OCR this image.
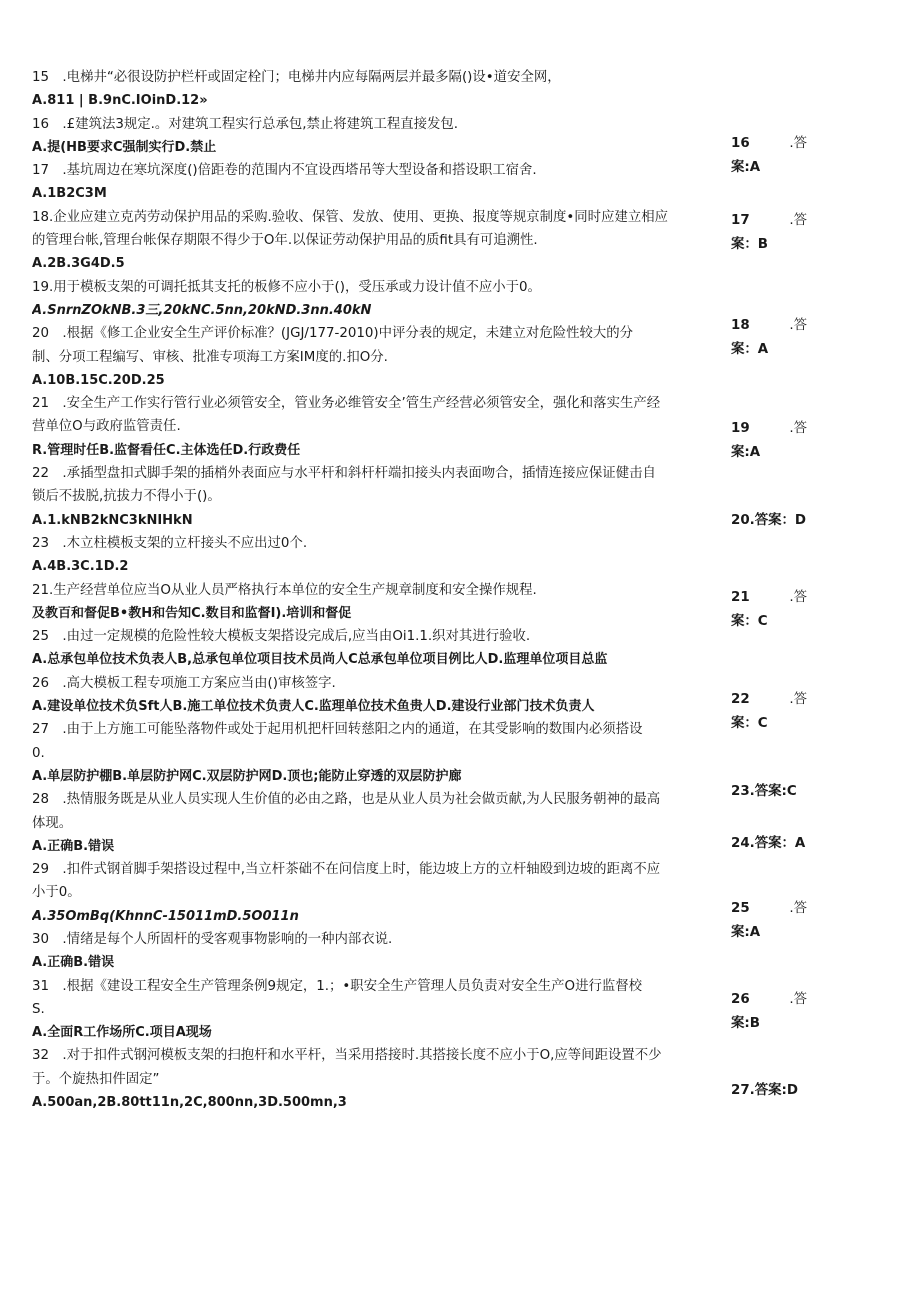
15　.电梯井“必很设防护栏杆或固定栓门；电梯井内应每隔两层并最多隔()设•道安全网，
A.811 | B.9nC.IOinD.12»
16　.£建筑法3规定.。对建筑工程实行总承包,禁止将建筑工程直接发包.
A.提(HB要求C强制实行D.禁止
17　.基坑周边在寒坑深度()倍距卷的范围内不宜设西塔吊等大型设备和搭设职工宿舍.
A.1B2C3M
18.企业应建立克芮劳动保护用品的采购.验收、保管、发放、使用、更换、报度等规京制度•同时应建立相应
的管理台帐,管理台帐保存期限不得少于O年.以保证劳动保护用品的质fit具有可追溯性.
A.2B.3G4D.5
19.用于模板支架的可调托抵其支托的板修不应小于()，受压承或力设计值不应小于0。
A.SnrnZOkNB.3三,20kNC.5nn,20kND.3nn.40kN
20　.根据《修工企业安全生产评价标准？(JGJ/177-2010)中评分表的规定，未建立对危险性较大的分
制、分项工程编写、审核、批准专项海工方案IM度的.扣O分.
A.10B.15C.20D.25
21　.安全生产工作实行管行业必须管安全，管业务必维管安全’管生产经营必须管安全，强化和落实生产经
营单位O与政府监管责任.
R.管理时任B.监督看任C.主体选任D.行政费任
22　.承插型盘扣式脚手架的插梢外表面应与水平杆和斜杆杆端扣接头内表面吻合，插情连接应保证健击自
锁后不拔脱,抗拔力不得小于()。
A.1.kNB2kNC3kNIHkN
23　.木立柱模板支架的立杆接头不应出过0个.
A.4B.3C.1D.2
21.生产经营单位应当O从业人员严格执行本单位的安全生产规章制度和安全操作规程.
及教百和督促B•教H和告知C.数目和监督I).培训和督促
25　.由过一定规模的危险性较大模板支架搭设完成后,应当由Oi1.1.织对其进行验收.
A.总承包单位技术负表人B,总承包单位项目技术员尚人C总承包单位项目例比人D.监理单位项目总监
26　.高大模板工程专项施工方案应当由()审核签字.
A.建设单位技术负Sft人B.施工单位技术负责人C.监理单位技术鱼贵人D.建设行业部门技术负责人
27　.由于上方施工可能坠落物件或处于起用机把杆回转慈阳之内的通道，在其受影响的数围内必须搭设
0.
A.单层防护棚B.单层防护网C.双层防护网D.顶也;能防止穿透的双层防护廊
28　.热情服务既是从业人员实现人生价值的必由之路，也是从业人员为社会做贡献,为人民服务朝神的最高
体现。
A.正确B.错误
29　.扣件式钢首脚手架搭设过程中,当立杆茶础不在问信度上时，能边坡上方的立杆轴殴到边坡的距离不应
小于0。
A.35OmBq(KhnnC-15011mD.5O011n
30　.情绪是每个人所固杆的受客观事物影响的一种内部衣说.
A.正确B.错误
31　.根据《建设工程安全生产管理条例9规定，1.；•职安全生产管理人员负责对安全生产O进行监督校
S.
A.全面R工作场所C.项目A现场
32　.对于扣件式钢河模板支架的扫抱杆和水平杆，当采用搭接时.其搭接长度不应小于O,应等间距设置不少
于。个旋热扣件固定”
A.500an,2B.80tt11n,2C,800nn,3D.500mn,3
16	.答
案:A
17	.答
案：B
18	.答
案：A
19	.答
案:A
20.答案：D
21	.答
案：C
22	.答
案：C
23.答案:C
24.答案：A
25	.答
案:A
26	.答
案:B
27.答案:D
